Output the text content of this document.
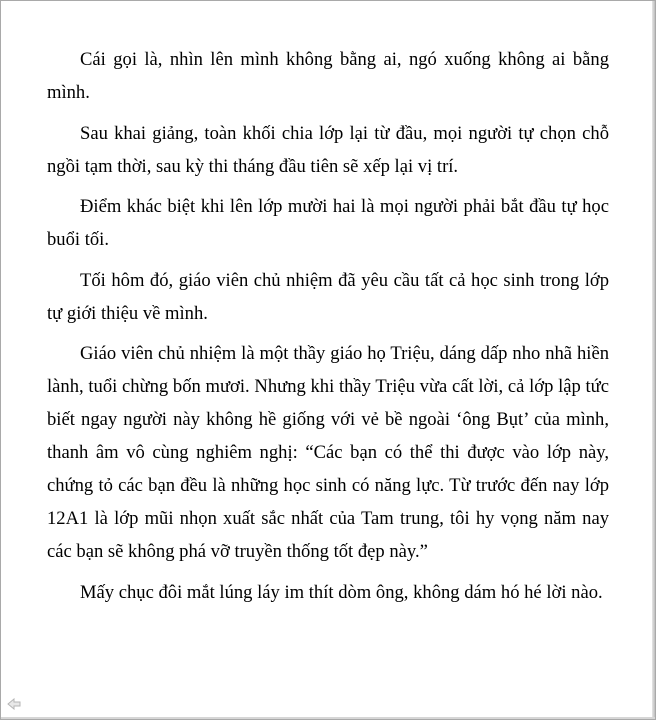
Cái gọi là, nhìn lên mình không bằng ai, ngó xuống không ai bằng mình.

Sau khai giảng, toàn khối chia lớp lại từ đầu, mọi người tự chọn chỗ ngồi tạm thời, sau kỳ thi tháng đầu tiên sẽ xếp lại vị trí.

Điểm khác biệt khi lên lớp mười hai là mọi người phải bắt đầu tự học buổi tối.

Tối hôm đó, giáo viên chủ nhiệm đã yêu cầu tất cả học sinh trong lớp tự giới thiệu về mình.

Giáo viên chủ nhiệm là một thầy giáo họ Triệu, dáng dấp nho nhã hiền lành, tuổi chừng bốn mươi. Nhưng khi thầy Triệu vừa cất lời, cả lớp lập tức biết ngay người này không hề giống với vẻ bề ngoài ‘ông Bụt’ của mình, thanh âm vô cùng nghiêm nghị: “Các bạn có thể thi được vào lớp này, chứng tỏ các bạn đều là những học sinh có năng lực. Từ trước đến nay lớp 12A1 là lớp mũi nhọn xuất sắc nhất của Tam trung, tôi hy vọng năm nay các bạn sẽ không phá vỡ truyền thống tốt đẹp này.”

Mấy chục đôi mắt lúng láy im thít dòm ông, không dám hó hé lời nào.
